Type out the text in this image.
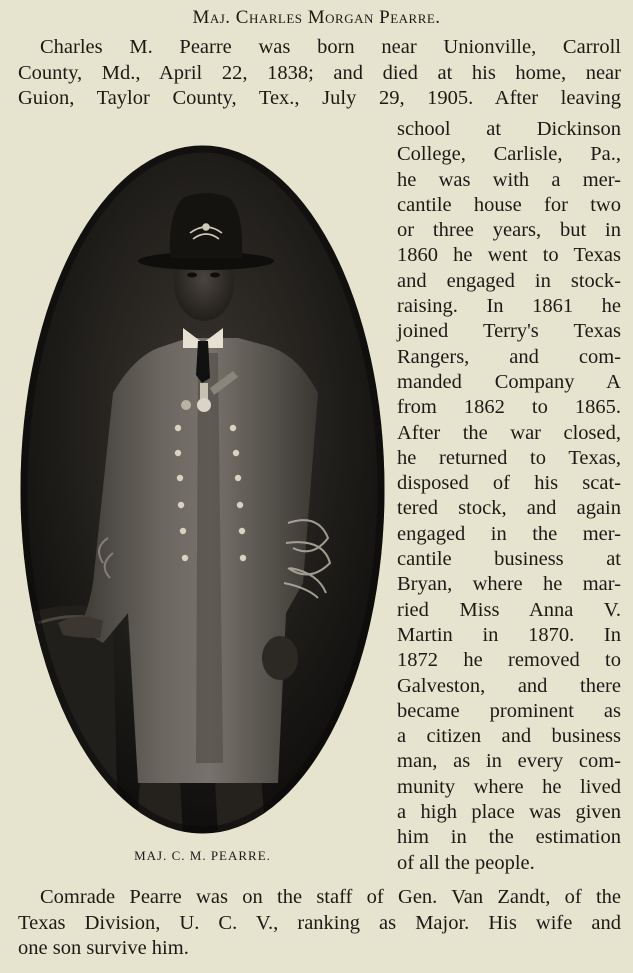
Maj. Charles Morgan Pearre.
Charles M. Pearre was born near Unionville, Carroll
County, Md., April 22, 1838; and died at his home, near
Guion, Taylor County, Tex., July 29, 1905. After leaving
MAJ. C. M. PEARRE.
school at Dickinson
College, Carlisle, Pa.,
he was with a mer-
cantile house for two
or three years, but in
1860 he went to Texas
and engaged in stock-
raising. In 1861 he
joined Terry's Texas
Rangers, and com-
manded Company A
from 1862 to 1865.
After the war closed,
he returned to Texas,
disposed of his scat-
tered stock, and again
engaged in the mer-
cantile business at
Bryan, where he mar-
ried Miss Anna V.
Martin in 1870. In
1872 he removed to
Galveston, and there
became prominent as
a citizen and business
man, as in every com-
munity where he lived
a high place was given
him in the estimation
of all the people.
Comrade Pearre was on the staff of Gen. Van Zandt, of the
Texas Division, U. C. V., ranking as Major. His wife and
one son survive him.
